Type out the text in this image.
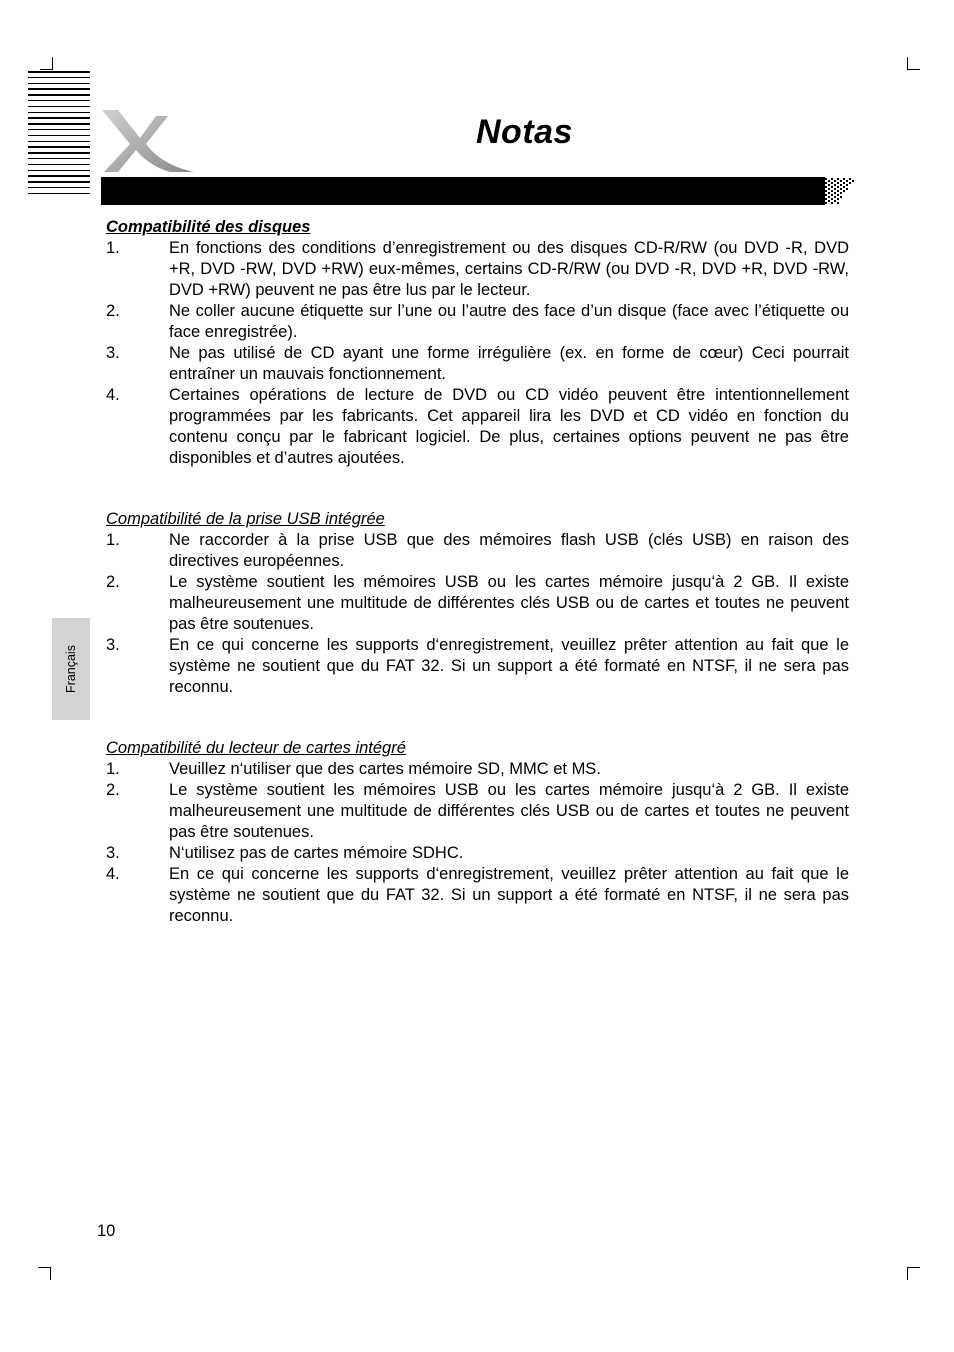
Notas
Français
Compatibilité des disques
1.	En fonctions des conditions d’enregistrement ou des disques CD-R/RW (ou DVD -R, DVD +R, DVD -RW, DVD +RW) eux-mêmes, certains CD-R/RW (ou DVD -R, DVD +R, DVD -RW, DVD +RW) peuvent ne pas être lus par le lecteur.
2.	Ne coller aucune étiquette sur l’une ou l’autre des face d’un disque (face avec l’étiquette ou face enregistrée).
3.	Ne pas utilisé de CD ayant une forme irrégulière (ex. en forme de cœur) Ceci pourrait entraîner un mauvais fonctionnement.
4.	Certaines opérations de lecture de DVD ou CD vidéo peuvent être intentionnellement programmées par les fabricants. Cet appareil lira les DVD et CD vidéo en fonction du contenu conçu par le fabricant logiciel. De plus, certaines options peuvent ne pas être disponibles et d’autres ajoutées.
Compatibilité de la prise USB intégrée
1.	Ne raccorder à la prise USB que des mémoires flash USB (clés USB) en raison des directives européennes.
2.	Le système soutient les mémoires USB ou les cartes mémoire jusqu‘à 2 GB. Il existe malheureusement une multitude de différentes clés USB ou de cartes et toutes ne peuvent pas être soutenues.
3.	En ce qui concerne les supports d‘enregistrement, veuillez prêter attention au fait que le système ne soutient que du FAT 32. Si un support a été formaté en NTSF, il ne sera pas reconnu.
Compatibilité du lecteur de cartes intégré
1.	Veuillez n‘utiliser que des cartes mémoire SD, MMC et MS.
2.	Le système soutient les mémoires USB ou les cartes mémoire jusqu‘à 2 GB. Il existe malheureusement une multitude de différentes clés USB ou de cartes et toutes ne peuvent pas être soutenues.
3.	N‘utilisez pas de cartes mémoire SDHC.
4.	En ce qui concerne les supports d‘enregistrement, veuillez prêter attention au fait que le système ne soutient que du FAT 32. Si un support a été formaté en NTSF, il ne sera pas reconnu.
10
